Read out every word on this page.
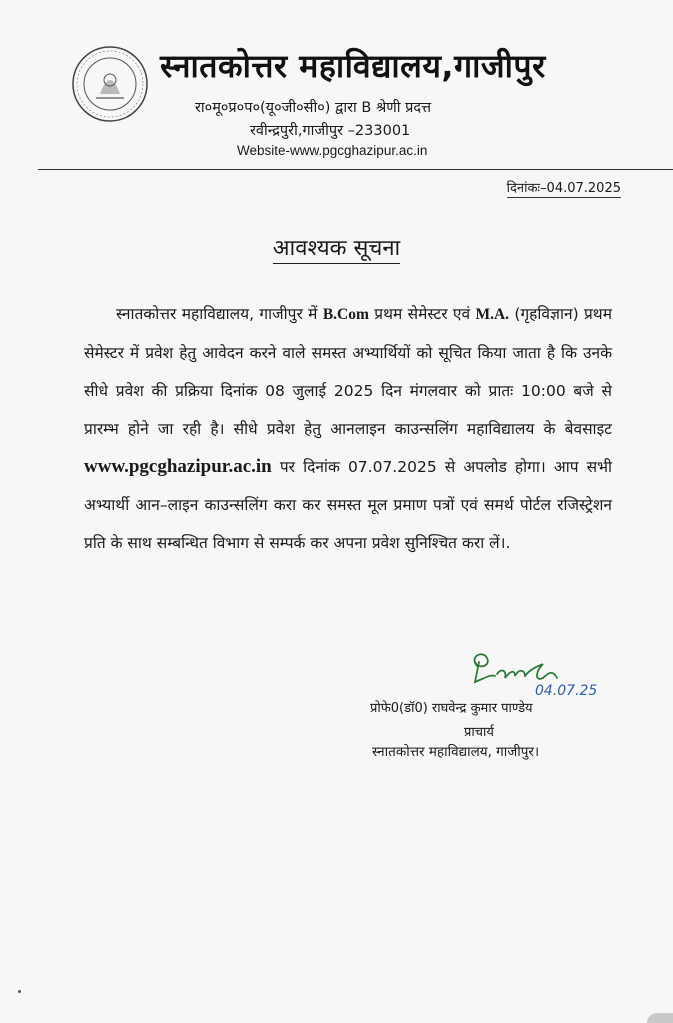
स्नातकोत्तर महाविद्यालय,गाजीपुर
रा०मू०प्र०प०(यू०जी०सी०) द्वारा B श्रेणी प्रदत्त
रवीन्द्रपुरी,गाजीपुर –233001
Website-www.pgcghazipur.ac.in
दिनांकः–04.07.2025
आवश्यक सूचना
स्नातकोत्तर महाविद्यालय, गाजीपुर में B.Com प्रथम सेमेस्टर एवं M.A. (गृहविज्ञान) प्रथम सेमेस्टर में प्रवेश हेतु आवेदन करने वाले समस्त अभ्यार्थियों को सूचित किया जाता है कि उनके सीधे प्रवेश की प्रक्रिया दिनांक 08 जुलाई 2025 दिन मंगलवार को प्रातः 10:00 बजे से प्रारम्भ होने जा रही है। सीधे प्रवेश हेतु आनलाइन काउन्सलिंग महाविद्यालय के बेवसाइट www.pgcghazipur.ac.in पर दिनांक 07.07.2025 से अपलोड होगा। आप सभी अभ्यार्थी आन–लाइन काउन्सलिंग करा कर समस्त मूल प्रमाण पत्रों एवं समर्थ पोर्टल रजिस्ट्रेशन प्रति के साथ सम्बन्धित विभाग से सम्पर्क कर अपना प्रवेश सुनिश्चित करा लें।.
04.07.25
प्रोफे0(डॉ0) राघवेन्द्र कुमार पाण्डेय
प्राचार्य
स्नातकोत्तर महाविद्यालय, गाजीपुर।
